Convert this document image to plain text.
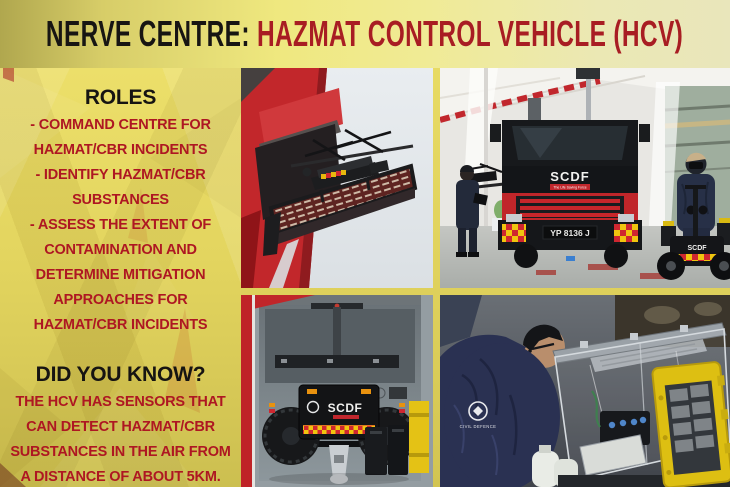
NERVE CENTRE: HAZMAT CONTROL VEHICLE (HCV)
ROLES
- COMMAND CENTRE FOR HAZMAT/CBR INCIDENTS
- IDENTIFY HAZMAT/CBR SUBSTANCES
- ASSESS THE EXTENT OF CONTAMINATION AND DETERMINE MITIGATION APPROACHES FOR HAZMAT/CBR INCIDENTS
DID YOU KNOW?
THE HCV HAS SENSORS THAT CAN DETECT HAZMAT/CBR SUBSTANCES IN THE AIR FROM A DISTANCE OF ABOUT 5KM.
SCDF
The Life Saving Force
YP 8136 J
SCDF
SCDF
CIVIL DEFENCE
